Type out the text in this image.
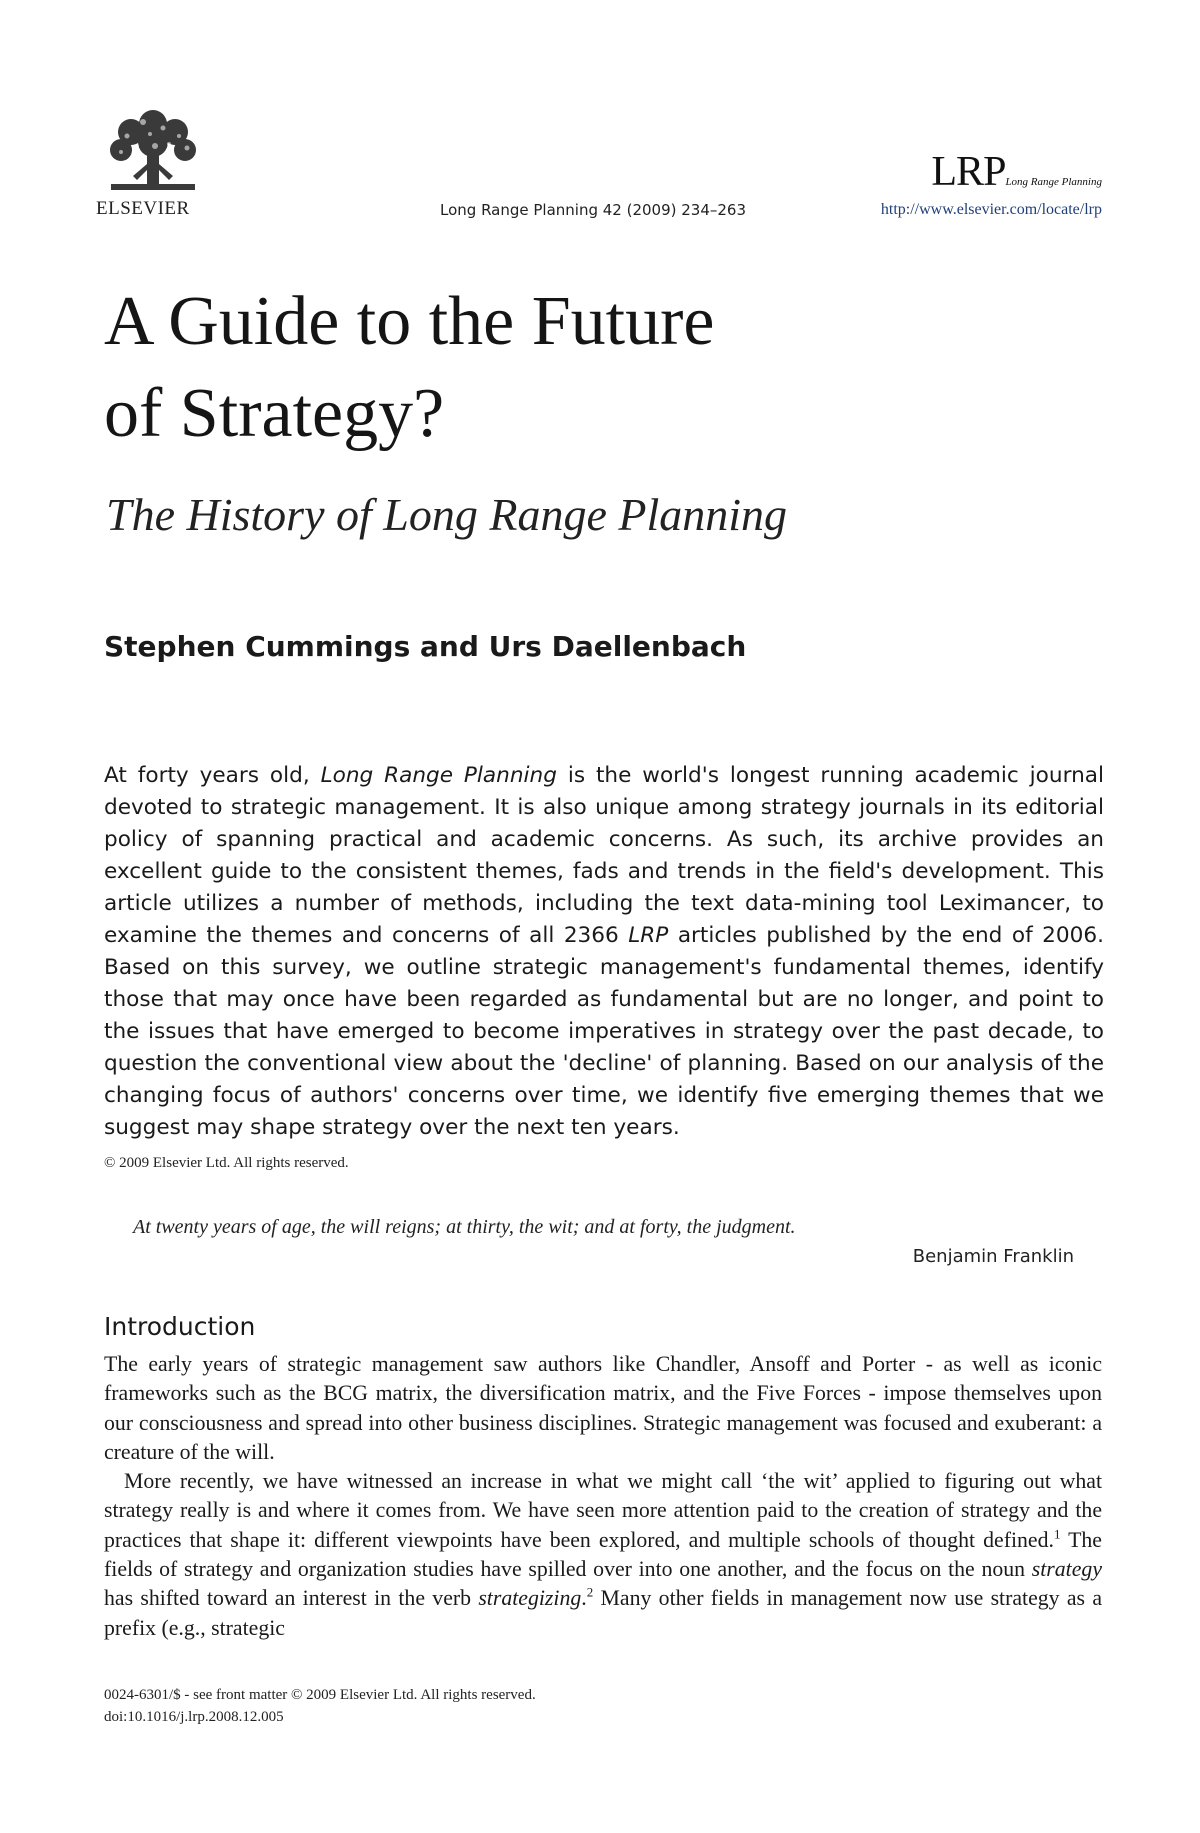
ELSEVIER	Long Range Planning 42 (2009) 234–263
LRPLong Range Planning
http://www.elsevier.com/locate/lrp
A Guide to the Future
of Strategy?
The History of Long Range Planning
Stephen Cummings and Urs Daellenbach
At forty years old, Long Range Planning is the world's longest running academic journal devoted to strategic management. It is also unique among strategy journals in its editorial policy of spanning practical and academic concerns. As such, its archive provides an excellent guide to the consistent themes, fads and trends in the field's development. This article utilizes a number of methods, including the text data-mining tool Leximancer, to examine the themes and concerns of all 2366 LRP articles published by the end of 2006. Based on this survey, we outline strategic management's fundamental themes, identify those that may once have been regarded as fundamental but are no longer, and point to the issues that have emerged to become imperatives in strategy over the past decade, to question the conventional view about the 'decline' of planning. Based on our analysis of the changing focus of authors' concerns over time, we identify five emerging themes that we suggest may shape strategy over the next ten years.
© 2009 Elsevier Ltd. All rights reserved.
At twenty years of age, the will reigns; at thirty, the wit; and at forty, the judgment.
Benjamin Franklin
Introduction

The early years of strategic management saw authors like Chandler, Ansoff and Porter - as well as iconic frameworks such as the BCG matrix, the diversification matrix, and the Five Forces - impose themselves upon our consciousness and spread into other business disciplines. Strategic management was focused and exuberant: a creature of the will.

More recently, we have witnessed an increase in what we might call ‘the wit’ applied to figuring out what strategy really is and where it comes from. We have seen more attention paid to the creation of strategy and the practices that shape it: different viewpoints have been explored, and multiple schools of thought defined.$^1$ The fields of strategy and organization studies have spilled over into one another, and the focus on the noun strategy has shifted toward an interest in the verb strategizing.$^2$ Many other fields in management now use strategy as a prefix (e.g., strategic

0024-6301/$ - see front matter © 2009 Elsevier Ltd. All rights reserved.
doi:10.1016/j.lrp.2008.12.005
